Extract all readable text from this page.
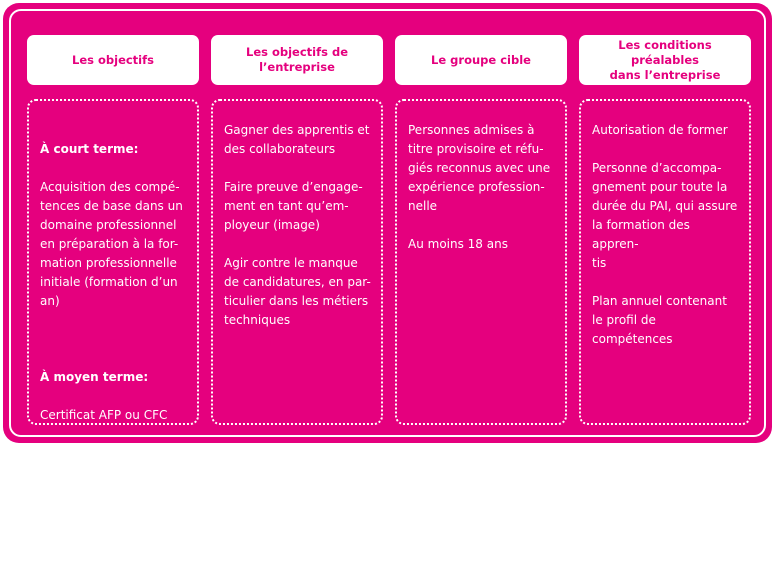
Les objectifs

À court terme:

Acquisition des compé-
tences de base dans un
domaine professionnel
en préparation à la for-
mation professionnelle
initiale (formation d’un
an)

À moyen terme:

Certificat AFP ou CFC

À long terme:

Intégration sur le mar-
ché du travail

Les objectifs de
l’entreprise
Gagner des apprentis et
des collaborateurs
Faire preuve d’engage-
ment en tant qu’em-
ployeur (image)
Agir contre le manque
de candidatures, en par-
ticulier dans les métiers
techniques
Le groupe cible
Personnes admises à
titre provisoire et réfu-
giés reconnus avec une
expérience profession-
nelle
Au moins 18 ans
Les conditions préalables
dans l’entreprise
Autorisation de former
Personne d’accompa-
gnement pour toute la
durée du PAI, qui assure
la formation des appren-
tis
Plan annuel contenant
le profil de compétences
